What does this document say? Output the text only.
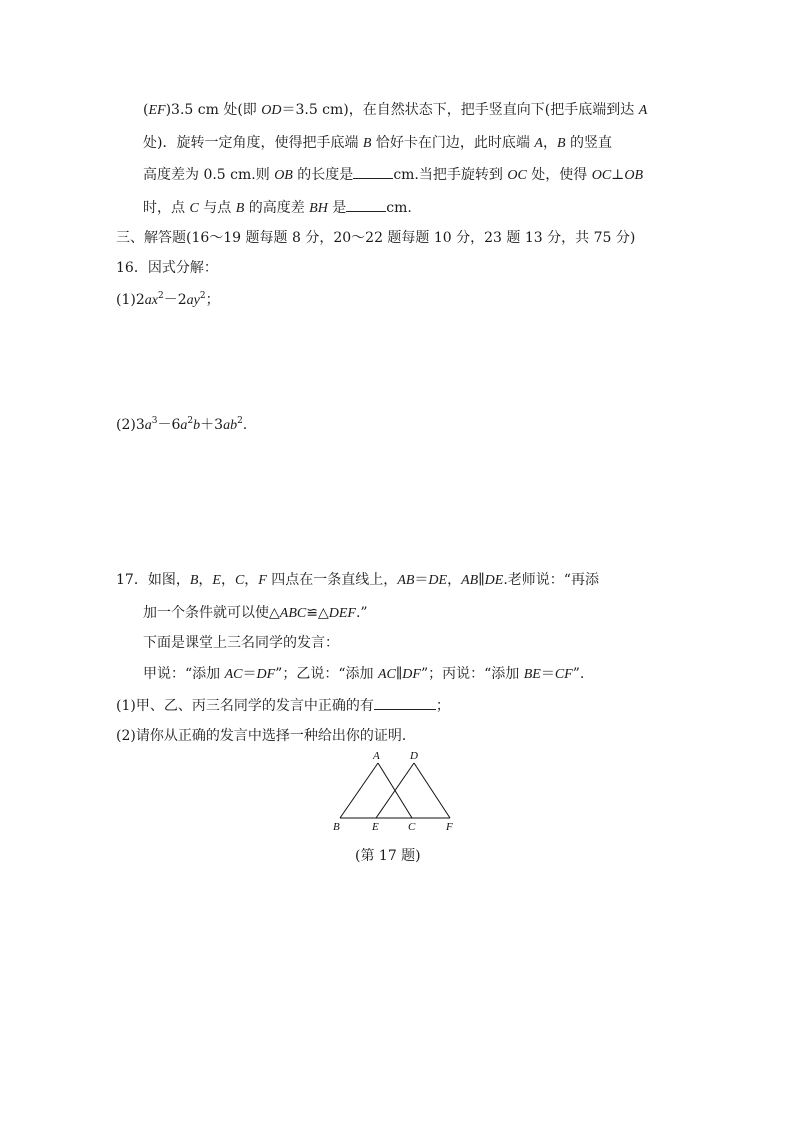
(EF)3.5 cm 处(即 OD＝3.5 cm)，在自然状态下，把手竖直向下(把手底端到达 A
处)．旋转一定角度，使得把手底端 B 恰好卡在门边，此时底端 A，B 的竖直
高度差为 0.5 cm.则 OB 的长度是	cm.当把手旋转到 OC 处，使得 OC⊥OB
时，点 C 与点 B 的高度差 BH 是	cm.
三、解答题(16～19 题每题 8 分，20～22 题每题 10 分，23 题 13 分，共 75 分)
16．因式分解：
$(1)2ax^2-2ay^2$；
$(2)3a^3-6a^2b+3ab^2$.
17．如图，B，E，C，F 四点在一条直线上，AB＝DE，AB∥DE.老师说：“再添
加一个条件就可以使△ABC≌△DEF.”
下面是课堂上三名同学的发言：
甲说：“添加 AC＝DF”；乙说：“添加 AC∥DF”；丙说：“添加 BE＝CF”.
(1)甲、乙、丙三名同学的发言中正确的有	；
(2)请你从正确的发言中选择一种给出你的证明．
A	D
B	E	C	F
(第 17 题)
